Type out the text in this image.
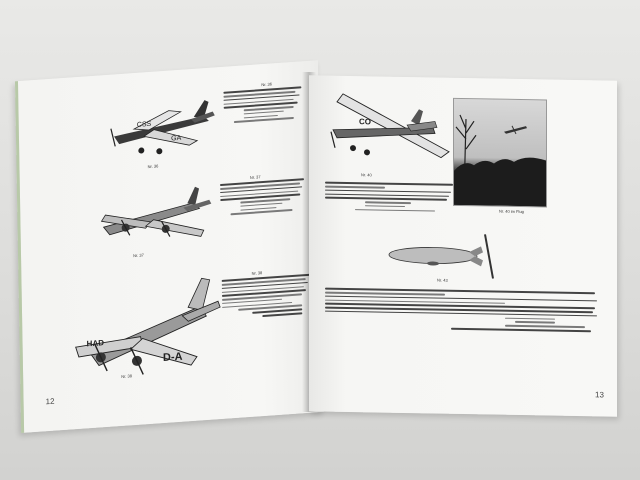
CSS
GA
Nr. 36
Nr. 36
Nr. 37
Nr. 37
D-A
HAD
Nr. 38
Nr. 38
12
CO
Nr. 40
Nr. 40 im Flug
Nr. 43
13
